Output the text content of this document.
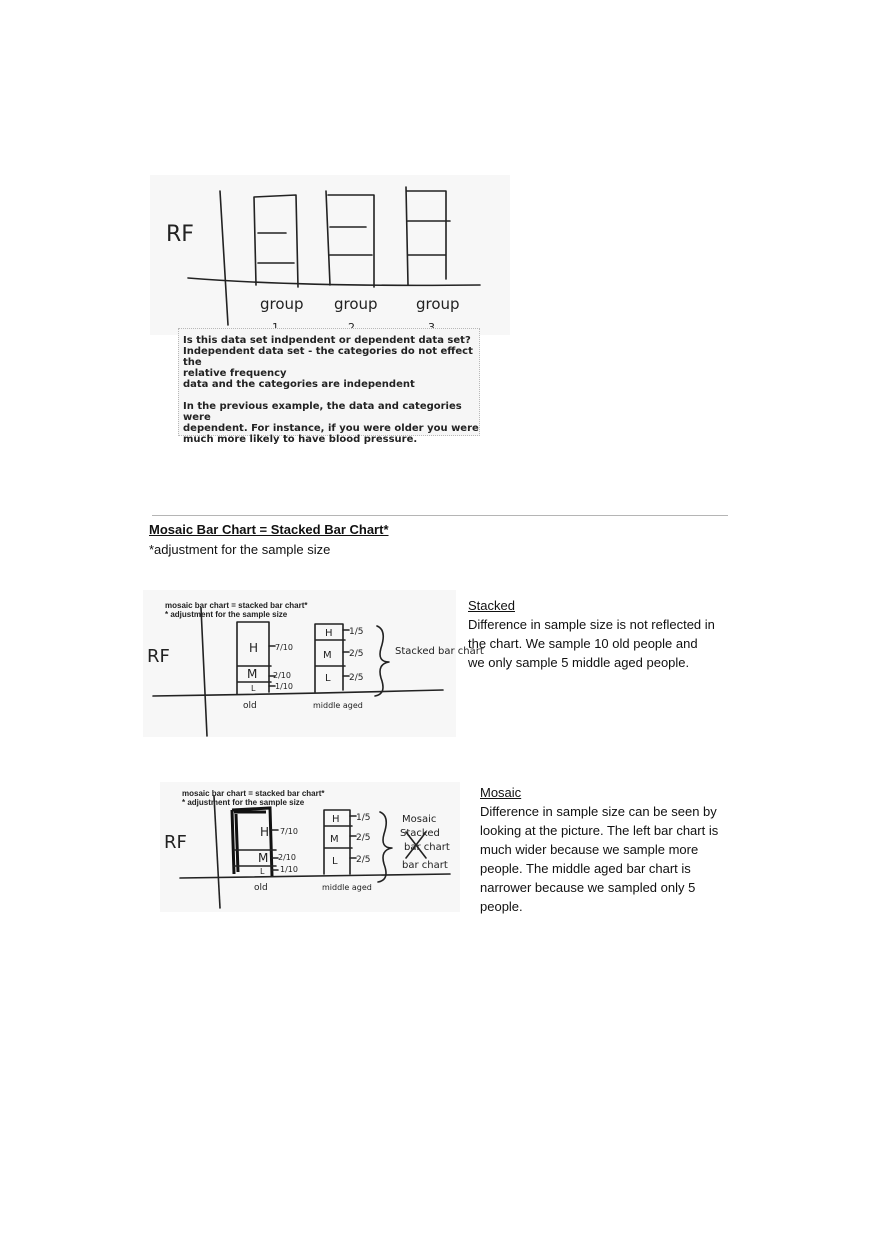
RF
group group	group

Is this data set indpendent or dependent data set?

Independent data set - the categories do not effect the

relative frequency

data and the categories are independent

In the previous example, the data and categories were

dependent. For instance, if you were older you were

much more likely to have blood pressure.

Mosaic Bar Chart = Stacked Bar Chart*
*adjustment for the sample size
mosaic bar chart = stacked bar chart*
* adjustment for the sample size
RF	H
M
L
7/10
2/10
1/10
H
M
L
1/5
2/5
2/5
old	middle aged
Stacked bar chart
Stacked
Difference in sample size is not reflected in
the chart. We sample 10 old people and
we only sample 5 middle aged people.
mosaic bar chart = stacked bar chart*
* adjustment for the sample size
RF	H
M
L
7/10
2/10
1/10
H
M
L
1/5
2/5
2/5
old	middle aged
Mosaic
Stacked
bar chart
bar chart
Mosaic
Difference in sample size can be seen by
looking at the picture. The left bar chart is
much wider because we sample more
people. The middle aged bar chart is
narrower because we sampled only 5
people.
